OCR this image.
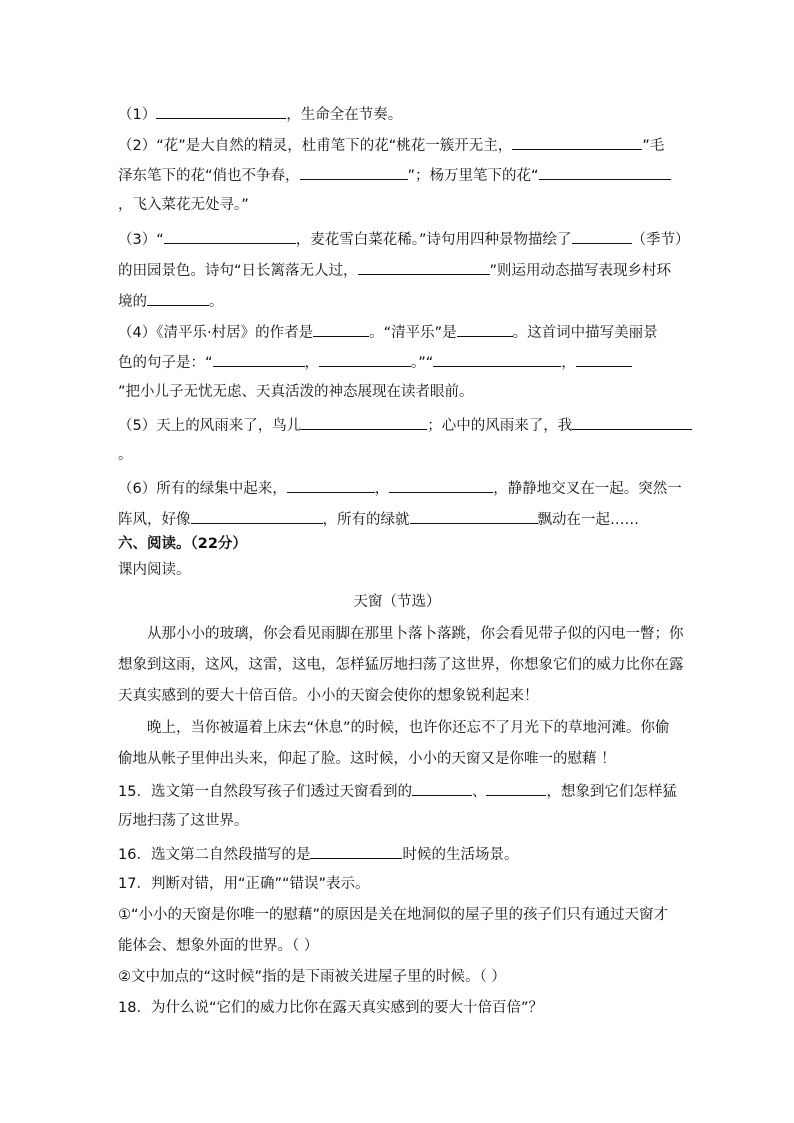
（1）	，生命全在节奏。
（2）“花”是大自然的精灵，杜甫笔下的花“桃花一簇开无主，	”毛
泽东笔下的花“俏也不争春，	”；杨万里笔下的花“
，飞入菜花无处寻。”
（3）“	，麦花雪白菜花稀。”诗句用四种景物描绘了	（季节）
的田园景色。诗句“日长篱落无人过，	”则运用动态描写表现乡村环
境的	。
（4）《清平乐·村居》的作者是	。“清平乐”是	。这首词中描写美丽景
色的句子是：“	，	。”“	，
”把小儿子无忧无虑、天真活泼的神态展现在读者眼前。
（5）天上的风雨来了，鸟儿	；心中的风雨来了，我
。
（6）所有的绿集中起来，	，	，静静地交叉在一起。突然一
阵风，好像	，所有的绿就	飘动在一起……
六、阅读。（22分）
课内阅读。
天窗（节选）
从那小小的玻璃，你会看见雨脚在那里卜落卜落跳，你会看见带子似的闪电一瞥；你
想象到这雨，这风，这雷，这电，怎样猛厉地扫荡了这世界，你想象它们的威力比你在露
天真实感到的要大十倍百倍。小小的天窗会使你的想象锐利起来！
晚上，当你被逼着上床去“休息”的时候，也许你还忘不了月光下的草地河滩。你偷
偷地从帐子里伸出头来，仰起了脸。这时候，小小的天窗又是你唯一的慰藉 ！
15．选文第一自然段写孩子们透过天窗看到的	、	，想象到它们怎样猛
厉地扫荡了这世界。
16．选文第二自然段描写的是	时候的生活场景。
17．判断对错，用“正确”“错误”表示。
①“小小的天窗是你唯一的慰藉”的原因是关在地洞似的屋子里的孩子们只有通过天窗才
能体会、想象外面的世界。（ ）
②文中加点的“这时候”指的是下雨被关进屋子里的时候。（ ）
18．为什么说“它们的威力比你在露天真实感到的要大十倍百倍”？
